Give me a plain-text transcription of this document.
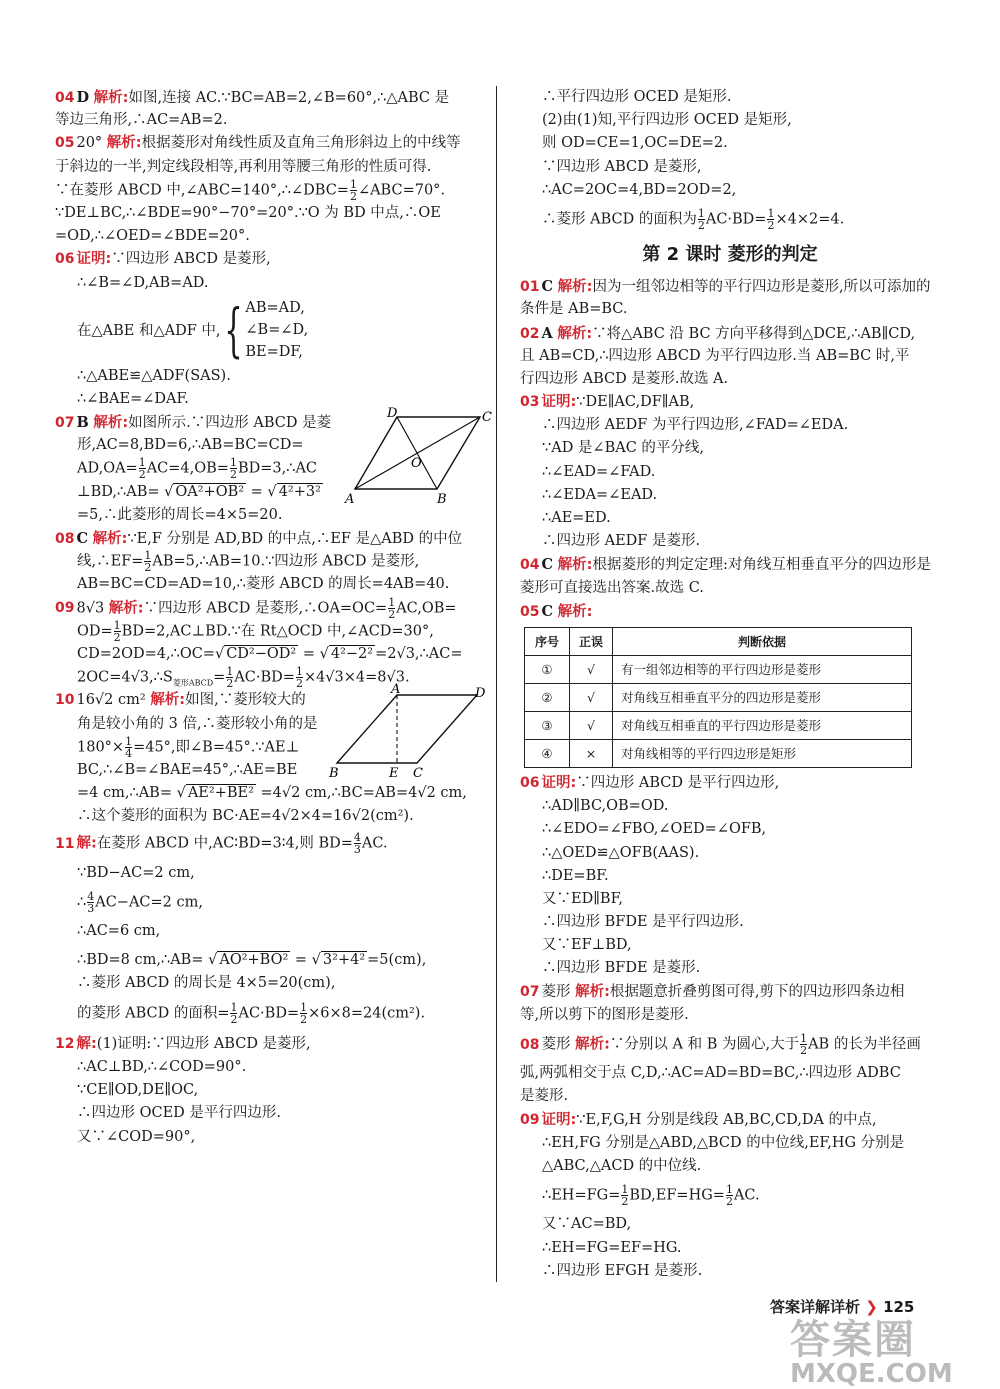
04 D 解析:如图,连接 AC.∵BC=AB=2,∠B=60°,∴△ABC 是
等边三角形,∴AC=AB=2.
05 20° 解析:根据菱形对角线性质及直角三角形斜边上的中线等
于斜边的一半,判定线段相等,再利用等腰三角形的性质可得.
∵在菱形 ABCD 中,∠ABC=140°,∴∠DBC= $\frac{1}{2}$ ∠ABC=70°.
∵DE⊥BC,∴∠BDE=90°−70°=20°.∵O 为 BD 中点,∴OE
=OD,∴∠OED=∠BDE=20°.
06 证明:∵四边形 ABCD 是菱形,
∴∠B=∠D,AB=AD.
在△ABE 和△ADF 中, { AB=AD,
∠B=∠D,
BE=DF,
∴△ABE≌△ADF(SAS).
∴∠BAE=∠DAF.
07 B 解析:如图所示.∵四边形 ABCD 是菱
形,AC=8,BD=6,∴AB=BC=CD=
$AD,OA= \frac{1}{2} AC=4,OB= \frac{1}{2}$ BD=3,∴AC
⊥BD,∴AB= √ OA²+OB² = √ 4²+3²
=5,∴此菱形的周长=4×5=20.
A	B
C
D
O
08 C 解析:∵E,F 分别是 AD,BD 的中点,∴EF 是△ABD 的中位
线,∴EF= $\frac{1}{2}$ AB=5,∴AB=10.∵四边形 ABCD 是菱形,
AB=BC=CD=AD=10,∴菱形 ABCD 的周长=4AB=40.
09 8√3 解析:∵四边形 ABCD 是菱形,∴OA=OC= $\frac{1}{2} AC,OB=$
$OD= \frac{1}{2}$ BD=2,AC⊥BD.∵在 Rt△OCD 中,∠ACD=30°,
CD=2OD=4,∴OC=√ CD²−OD² = √ 4²−2² =2√3,∴AC=
$2OC=4√3,\therefore S_{菱形ABCD}= \frac{1}{2} AC\cdot BD= \frac{1}{2} \times 4√3\times 4=8√3$.
10 16√2 cm² 解析:如图,∵菱形较大的
角是较小角的 3 倍,∴菱形较小角的是
$180^\circ\times \frac{1}{4} =45^\circ$,即∠B=45°.∵AE⊥
BC,∴∠B=∠BAE=45°,∴AE=BE
=4 cm,∴AB= √ AE²+BE² =4√2 cm,∴BC=AB=4√2 cm,
∴这个菱形的面积为 BC·AE=4√2×4=16√2(cm²).
B
A	D
E C
11 解:在菱形 ABCD 中,AC∶BD=3∶4,则 $BD= \frac{4}{3}$ AC.
∵BD−AC=2 cm,
∴ $\frac{4}{3} AC-AC=2$ cm,
∴AC=6 cm,
∴BD=8 cm,∴AB= √ AO²+BO² = √ 3²+4² =5(cm),
∴菱形 ABCD 的周长是 4×5=20(cm),
的菱形 ABCD 的面积= $\frac{1}{2} AC\cdot BD= \frac{1}{2} \times 6\times 8=24(cm^2)$.
12 解:(1)证明:∵四边形 ABCD 是菱形,
∴AC⊥BD,∴∠COD=90°.
∵CE∥OD,DE∥OC,
∴四边形 OCED 是平行四边形.
又∵∠COD=90°,
∴平行四边形 OCED 是矩形.
(2)由(1)知,平行四边形 OCED 是矩形,
则 OD=CE=1,OC=DE=2.
∵四边形 ABCD 是菱形,
∴AC=2OC=4,BD=2OD=2,
∴菱形 ABCD 的面积为 $\frac{1}{2} AC\cdot BD= \frac{1}{2} \times 4\times 2=4$.
第 2 课时 菱形的判定
01 C 解析:因为一组邻边相等的平行四边形是菱形,所以可添加的
条件是 AB=BC.
02 A 解析:∵将△ABC 沿 BC 方向平移得到△DCE,∴AB∥CD,
且 AB=CD,∴四边形 ABCD 为平行四边形.当 AB=BC 时,平
行四边形 ABCD 是菱形.故选 A.
03 证明:∵DE∥AC,DF∥AB,
∴四边形 AEDF 为平行四边形,∠FAD=∠EDA.
∵AD 是∠BAC 的平分线,
∴∠EAD=∠FAD.
∴∠EDA=∠EAD.
∴AE=ED.
∴四边形 AEDF 是菱形.
04 C 解析:根据菱形的判定定理:对角线互相垂直平分的四边形是
菱形可直接选出答案.故选 C.
05 C 解析:
序号	正误	判断依据
①	√	有一组邻边相等的平行四边形是菱形
②	√	对角线互相垂直平分的四边形是菱形
③	√	对角线互相垂直的平行四边形是菱形
④	×	对角线相等的平行四边形是矩形
06 证明:∵四边形 ABCD 是平行四边形,
∴AD∥BC,OB=OD.
∴∠EDO=∠FBO,∠OED=∠OFB,
∴△OED≌△OFB(AAS).
∴DE=BF.
又∵ED∥BF,
∴四边形 BFDE 是平行四边形.
又∵EF⊥BD,
∴四边形 BFDE 是菱形.
07 菱形 解析:根据题意折叠剪图可得,剪下的四边形四条边相
等,所以剪下的图形是菱形.
08 菱形 解析:∵分别以 A 和 B 为圆心,大于 $\frac{1}{2}$ AB 的长为半径画
弧,两弧相交于点 C,D,∴AC=AD=BD=BC,∴四边形 ADBC
是菱形.
09 证明:∵E,F,G,H 分别是线段 AB,BC,CD,DA 的中点,
∴EH,FG 分别是△ABD,△BCD 的中位线,EF,HG 分别是
△ABC,△ACD 的中位线.
∴EH=FG= $\frac{1}{2} BD,EF=HG= \frac{1}{2}$ AC.
又∵AC=BD,
∴EH=FG=EF=HG.
∴四边形 EFGH 是菱形.
答案详解详析 ❯ 125
答案圈
MXQE.COM
